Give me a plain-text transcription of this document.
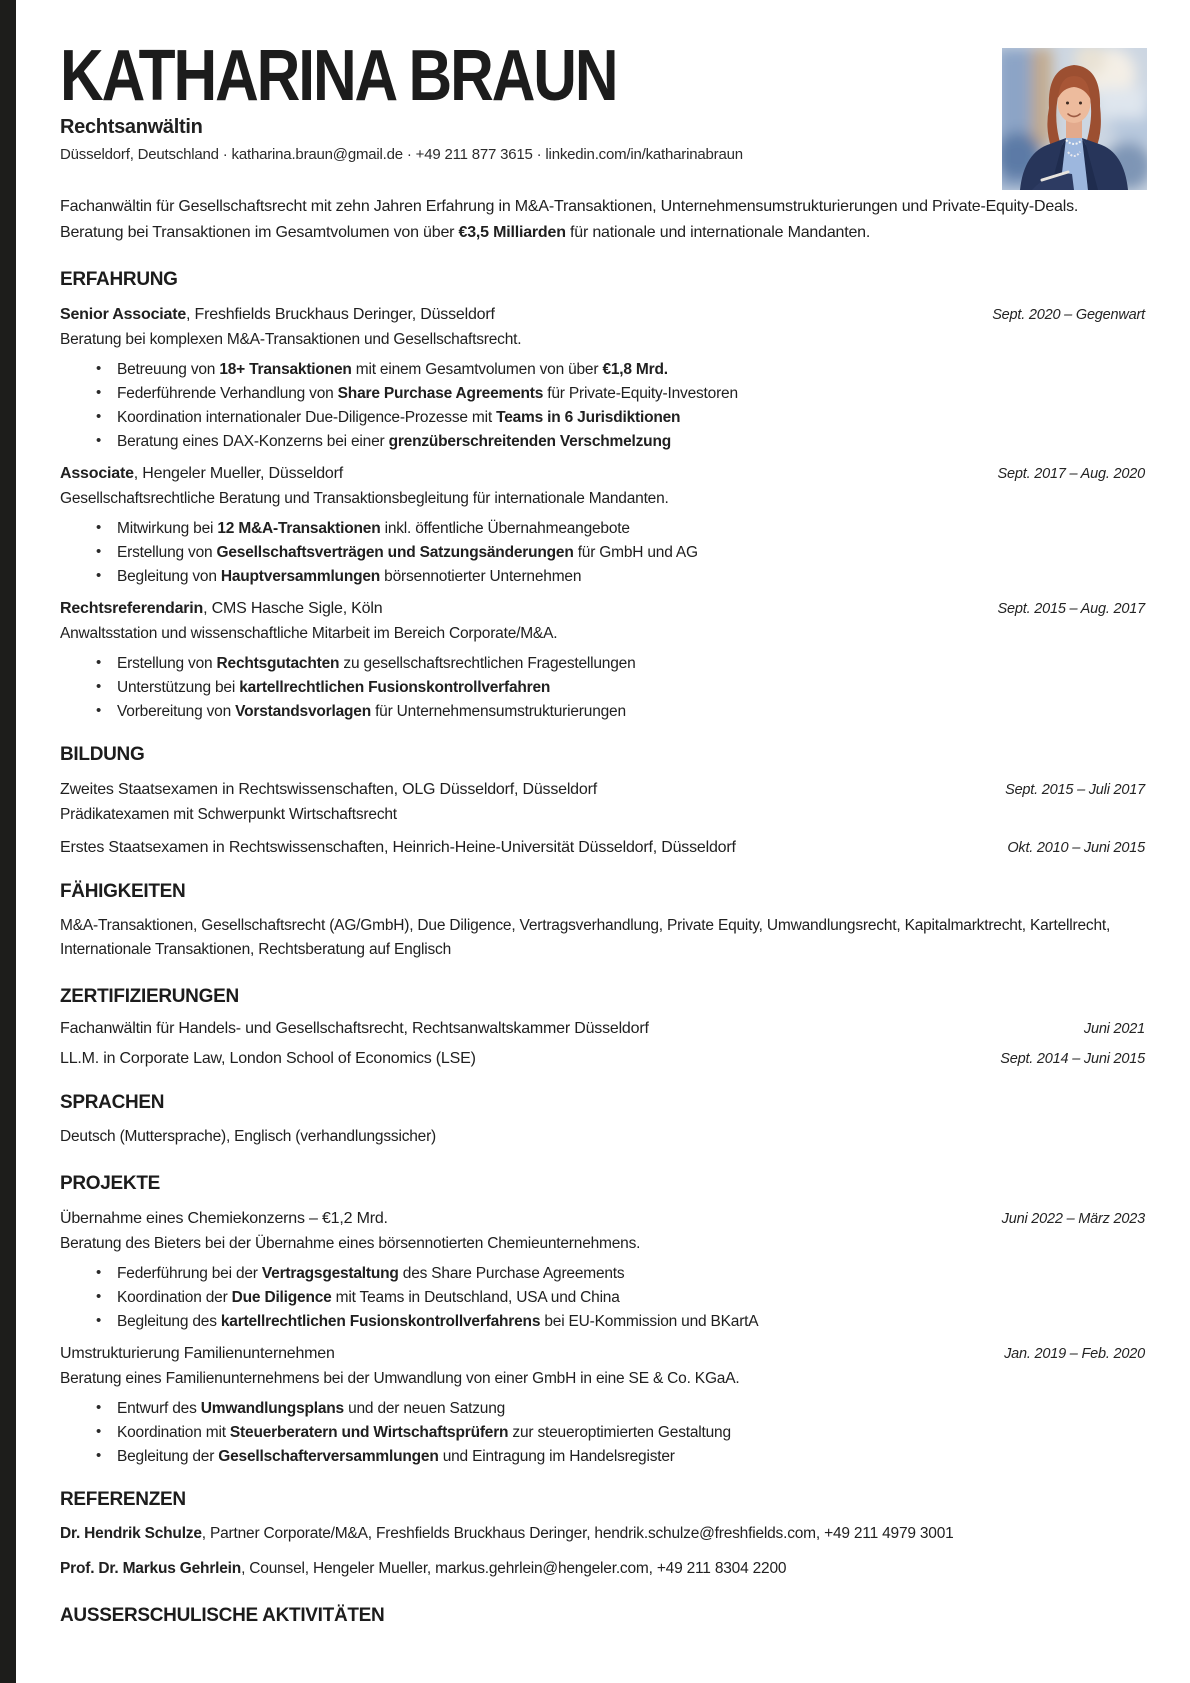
KATHARINA BRAUN
Rechtsanwältin
Düsseldorf, Deutschland · katharina.braun@gmail.de · +49 211 877 3615 · linkedin.com/in/katharinabraun

Fachanwältin für Gesellschaftsrecht mit zehn Jahren Erfahrung in M&A-Transaktionen, Unternehmensumstrukturierungen und Private-Equity-Deals. Beratung bei Transaktionen im Gesamtvolumen von über €3,5 Milliarden für nationale und internationale Mandanten.

ERFAHRUNG
Senior Associate, Freshfields Bruckhaus Deringer, Düsseldorf	Sept. 2020 – Gegenwart

Beratung bei komplexen M&A-Transaktionen und Gesellschaftsrecht.

• Betreuung von 18+ Transaktionen mit einem Gesamtvolumen von über €1,8 Mrd.
• Federführende Verhandlung von Share Purchase Agreements für Private-Equity-Investoren
• Koordination internationaler Due-Diligence-Prozesse mit Teams in 6 Jurisdiktionen
• Beratung eines DAX-Konzerns bei einer grenzüberschreitenden Verschmelzung
Associate, Hengeler Mueller, Düsseldorf	Sept. 2017 – Aug. 2020

Gesellschaftsrechtliche Beratung und Transaktionsbegleitung für internationale Mandanten.

• Mitwirkung bei 12 M&A-Transaktionen inkl. öffentliche Übernahmeangebote
• Erstellung von Gesellschaftsverträgen und Satzungsänderungen für GmbH und AG
• Begleitung von Hauptversammlungen börsennotierter Unternehmen
Rechtsreferendarin, CMS Hasche Sigle, Köln	Sept. 2015 – Aug. 2017

Anwaltsstation und wissenschaftliche Mitarbeit im Bereich Corporate/M&A.

• Erstellung von Rechtsgutachten zu gesellschaftsrechtlichen Fragestellungen
• Unterstützung bei kartellrechtlichen Fusionskontrollverfahren
• Vorbereitung von Vorstandsvorlagen für Unternehmensumstrukturierungen
BILDUNG
Zweites Staatsexamen in Rechtswissenschaften, OLG Düsseldorf, Düsseldorf	Sept. 2015 – Juli 2017

Prädikatexamen mit Schwerpunkt Wirtschaftsrecht

Erstes Staatsexamen in Rechtswissenschaften, Heinrich-Heine-Universität Düsseldorf, Düsseldorf	Okt. 2010 – Juni 2015
FÄHIGKEITEN

M&A-Transaktionen, Gesellschaftsrecht (AG/GmbH), Due Diligence, Vertragsverhandlung, Private Equity, Umwandlungsrecht, Kapitalmarktrecht, Kartellrecht, Internationale Transaktionen, Rechtsberatung auf Englisch

ZERTIFIZIERUNGEN
Fachanwältin für Handels- und Gesellschaftsrecht, Rechtsanwaltskammer Düsseldorf	Juni 2021
LL.M. in Corporate Law, London School of Economics (LSE)	Sept. 2014 – Juni 2015
SPRACHEN

Deutsch (Muttersprache), Englisch (verhandlungssicher)

PROJEKTE
Übernahme eines Chemiekonzerns – €1,2 Mrd.	Juni 2022 – März 2023

Beratung des Bieters bei der Übernahme eines börsennotierten Chemieunternehmens.

• Federführung bei der Vertragsgestaltung des Share Purchase Agreements
• Koordination der Due Diligence mit Teams in Deutschland, USA und China
• Begleitung des kartellrechtlichen Fusionskontrollverfahrens bei EU-Kommission und BKartA
Umstrukturierung Familienunternehmen	Jan. 2019 – Feb. 2020

Beratung eines Familienunternehmens bei der Umwandlung von einer GmbH in eine SE & Co. KGaA.

• Entwurf des Umwandlungsplans und der neuen Satzung
• Koordination mit Steuerberatern und Wirtschaftsprüfern zur steueroptimierten Gestaltung
• Begleitung der Gesellschafterversammlungen und Eintragung im Handelsregister
REFERENZEN

Dr. Hendrik Schulze, Partner Corporate/M&A, Freshfields Bruckhaus Deringer, hendrik.schulze@freshfields.com, +49 211 4979 3001

Prof. Dr. Markus Gehrlein, Counsel, Hengeler Mueller, markus.gehrlein@hengeler.com, +49 211 8304 2200

AUSSERSCHULISCHE AKTIVITÄTEN
